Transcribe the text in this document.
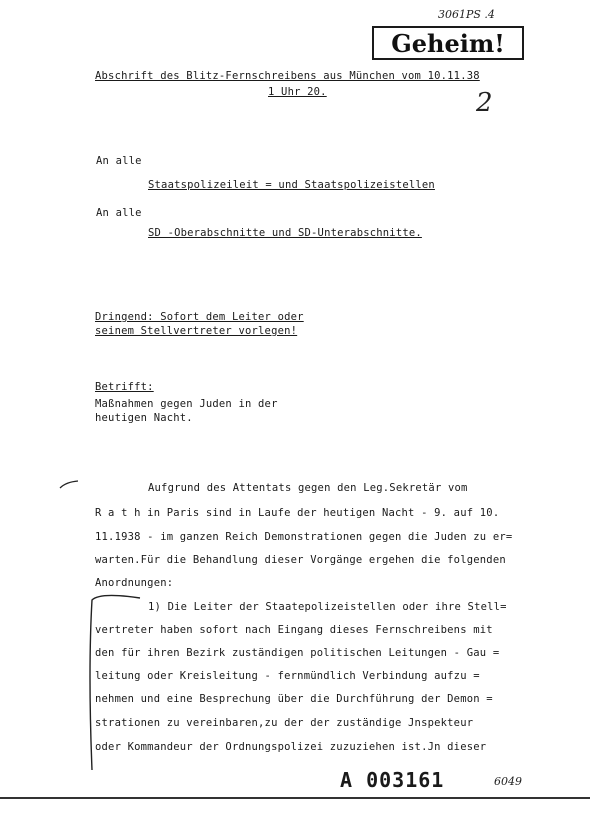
3061PS .4
Geheim!
2
Abschrift des Blitz-Fernschreibens aus München vom 10.11.38
1 Uhr 20.
An alle
Staatspolizeileit = und Staatspolizeistellen
An alle
SD -Oberabschnitte und SD-Unterabschnitte.
Dringend: Sofort dem Leiter oder
seinem Stellvertreter vorlegen!
Betrifft:
Maßnahmen gegen Juden in der
heutigen Nacht.
Aufgrund des Attentats gegen den Leg.Sekretär vom
R a t h in Paris sind in Laufe der heutigen Nacht - 9. auf 10.
11.1938 - im ganzen Reich Demonstrationen gegen die Juden zu er=
warten.Für die Behandlung dieser Vorgänge ergehen die folgenden
Anordnungen:
1) Die Leiter der Staatepolizeistellen oder ihre Stell=
vertreter haben sofort nach Eingang dieses Fernschreibens mit
den für ihren Bezirk zuständigen politischen Leitungen - Gau =
leitung oder Kreisleitung - fernmündlich Verbindung aufzu =
nehmen und eine Besprechung über die Durchführung der Demon =
strationen zu vereinbaren,zu der der zuständige Jnspekteur
oder Kommandeur der Ordnungspolizei zuzuziehen ist.Jn dieser
A 003161	6049
